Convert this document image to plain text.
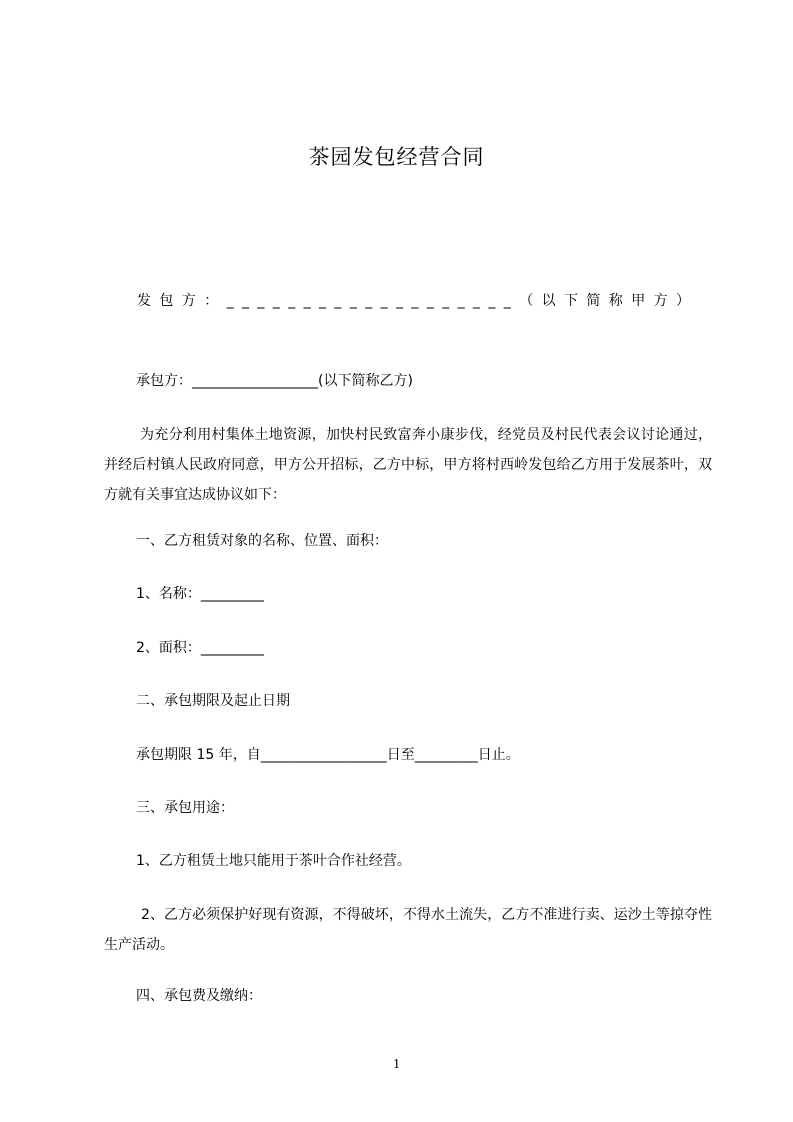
茶园发包经营合同
发包方：___________________（以下简称甲方）
承包方：__________________(以下简称乙方)
为充分利用村集体土地资源，加快村民致富奔小康步伐，经党员及村民代表会议讨论通过，并经后村镇人民政府同意，甲方公开招标，乙方中标，甲方将村西岭发包给乙方用于发展茶叶，双方就有关事宜达成协议如下：
一、乙方租赁对象的名称、位置、面积：
1、名称：_________
2、面积：_________
二、承包期限及起止日期
承包期限 15 年，自__________________日至_________日止。
三、承包用途：
1、乙方租赁土地只能用于茶叶合作社经营。
2、乙方必须保护好现有资源，不得破坏，不得水土流失，乙方不准进行卖、运沙土等掠夺性生产活动。
四、承包费及缴纳：
1
